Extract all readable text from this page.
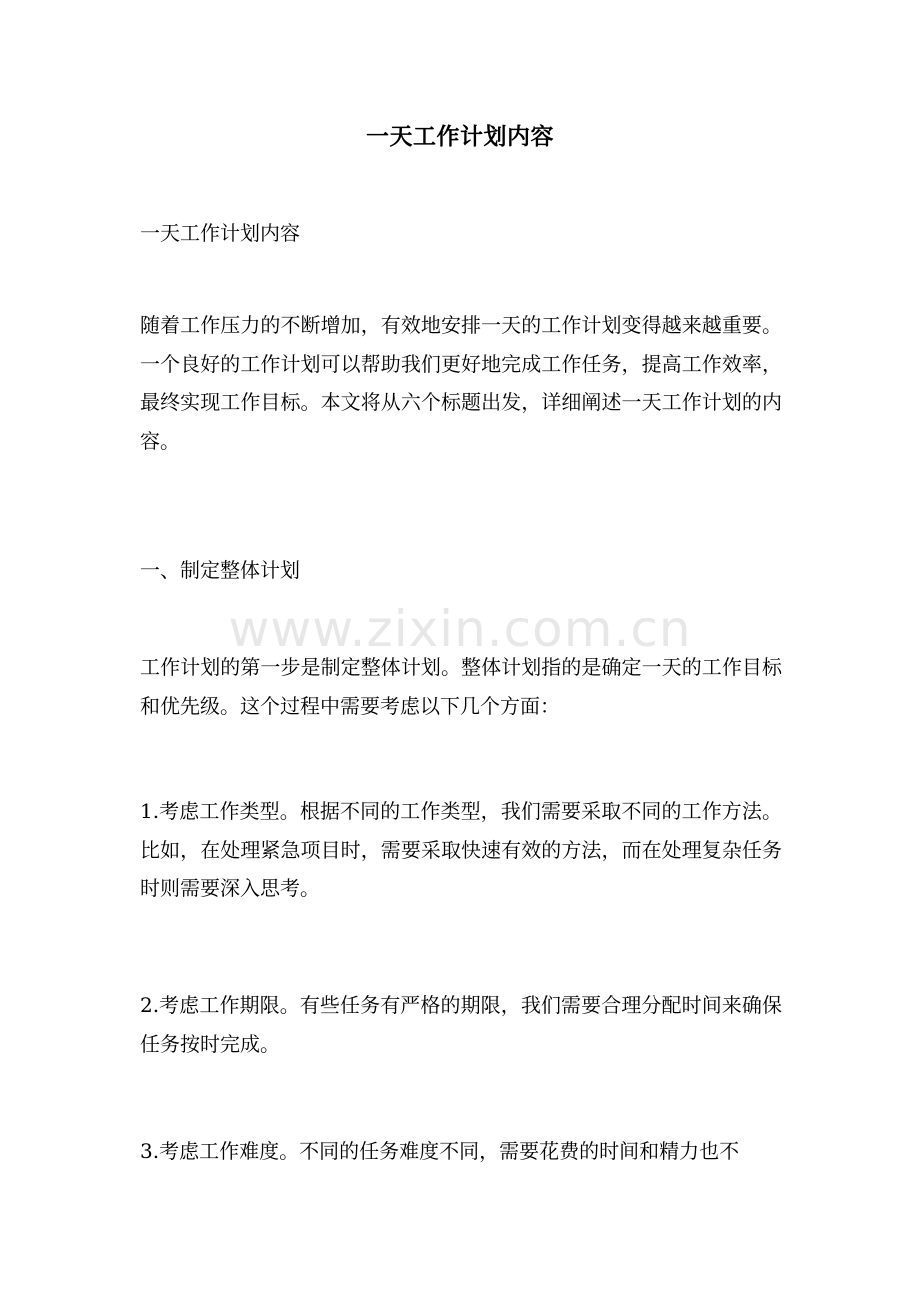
一天工作计划内容
一天工作计划内容
随着工作压力的不断增加，有效地安排一天的工作计划变得越来越重要。一个良好的工作计划可以帮助我们更好地完成工作任务，提高工作效率，最终实现工作目标。本文将从六个标题出发，详细阐述一天工作计划的内容。
一、制定整体计划
工作计划的第一步是制定整体计划。整体计划指的是确定一天的工作目标和优先级。这个过程中需要考虑以下几个方面：
1.考虑工作类型。根据不同的工作类型，我们需要采取不同的工作方法。比如，在处理紧急项目时，需要采取快速有效的方法，而在处理复杂任务时则需要深入思考。
2.考虑工作期限。有些任务有严格的期限，我们需要合理分配时间来确保任务按时完成。
3.考虑工作难度。不同的任务难度不同，需要花费的时间和精力也不
www.zixin.com.cn
